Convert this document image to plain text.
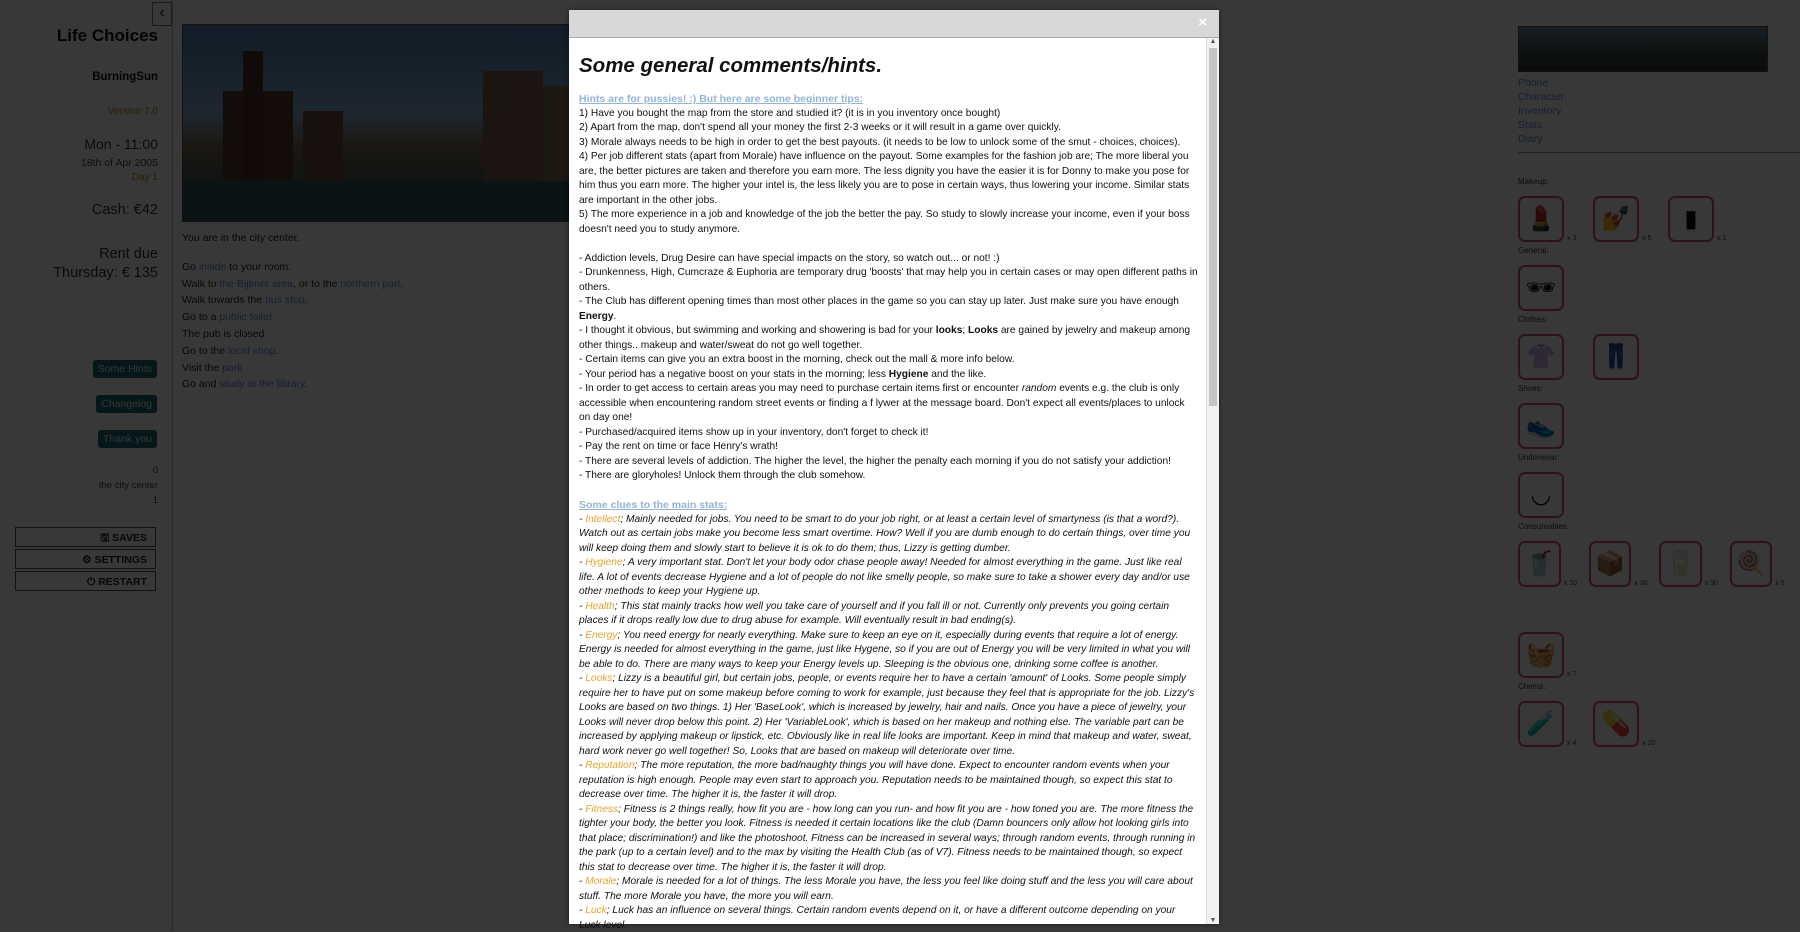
×
Some general comments/hints.

Hints are for pussies! :) But here are some beginner tips:

1) Have you bought the map from the store and studied it? (it is in you inventory once bought)

2) Apart from the map, don't spend all your money the first 2-3 weeks or it will result in a game over quickly.

3) Morale always needs to be high in order to get the best payouts. (it needs to be low to unlock some of the smut - choices, choices).

4) Per job different stats (apart from Morale) have influence on the payout. Some examples for the fashion job are; The more liberal you are, the better pictures are taken and therefore you earn more. The less dignity you have the easier it is for Donny to make you pose for him thus you earn more. The higher your intel is, the less likely you are to pose in certain ways, thus lowering your income. Similar stats are important in the other jobs.

5) The more experience in a job and knowledge of the job the better the pay. So study to slowly increase your income, even if your boss doesn't need you to study anymore.

- Addiction levels, Drug Desire can have special impacts on the story, so watch out... or not! :)

- Drunkenness, High, Cumcraze & Euphoria are temporary drug 'boosts' that may help you in certain cases or may open different paths in others.

- The Club has different opening times than most other places in the game so you can stay up later. Just make sure you have enough Energy.

- I thought it obvious, but swimming and working and showering is bad for your looks; Looks are gained by jewelry and makeup among other things.. makeup and water/sweat do not go well together.

- Certain items can give you an extra boost in the morning, check out the mall & more info below.

- Your period has a negative boost on your stats in the morning; less Hygiene and the like.

- In order to get access to certain areas you may need to purchase certain items first or encounter random events e.g. the club is only accessible when encountering random street events or finding a f lywer at the message board. Don't expect all events/places to unlock on day one!

- Purchased/acquired items show up in your inventory, don't forget to check it!

- Pay the rent on time or face Henry's wrath!

- There are several levels of addiction. The higher the level, the higher the penalty each morning if you do not satisfy your addiction!

- There are gloryholes! Unlock them through the club somehow.

Some clues to the main stats:

- Intellect; Mainly needed for jobs. You need to be smart to do your job right, or at least a certain level of smartyness (is that a word?). Watch out as certain jobs make you become less smart overtime. How? Well if you are dumb enough to do certain things, over time you will keep doing them and slowly start to believe it is ok to do them; thus, Lizzy is getting dumber.

- Hygiene; A very important stat. Don't let your body odor chase people away! Needed for almost everything in the game. Just like real life. A lot of events decrease Hygiene and a lot of people do not like smelly people, so make sure to take a shower every day and/or use other methods to keep your Hygiene up.

- Health; This stat mainly tracks how well you take care of yourself and if you fall ill or not. Currently only prevents you going certain places if it drops really low due to drug abuse for example. Will eventually result in bad ending(s).

- Energy; You need energy for nearly everything. Make sure to keep an eye on it, especially during events that require a lot of energy. Energy is needed for almost everything in the game, just like Hygene, so if you are out of Energy you will be very limited in what you will be able to do. There are many ways to keep your Energy levels up. Sleeping is the obvious one, drinking some coffee is another.

- Looks; Lizzy is a beautiful girl, but certain jobs, people, or events require her to have a certain 'amount' of Looks. Some people simply require her to have put on some makeup before coming to work for example, just because they feel that is appropriate for the job. Lizzy's Looks are based on two things. 1) Her 'BaseLook', which is increased by jewelry, hair and nails. Once you have a piece of jewelry, your Looks will never drop below this point. 2) Her 'VariableLook', which is based on her makeup and nothing else. The variable part can be increased by applying makeup or lipstick, etc. Obviously like in real life looks are important. Keep in mind that makeup and water, sweat, hard work never go well together! So, Looks that are based on makeup will deteriorate over time.

- Reputation; The more reputation, the more bad/naughty things you will have done. Expect to encounter random events when your reputation is high enough. People may even start to approach you. Reputation needs to be maintained though, so expect this stat to decrease over time. The higher it is, the faster it will drop.

- Fitness; Fitness is 2 things really, how fit you are - how long can you run- and how fit you are - how toned you are. The more fitness the tighter your body, the better you look. Fitness is needed it certain locations like the club (Damn bouncers only allow hot looking girls into that place; discrimination!) and like the photoshoot. Fitness can be increased in several ways; through random events, through running in the park (up to a certain level) and to the max by visiting the Health Club (as of V7). Fitness needs to be maintained though, so expect this stat to decrease over time. The higher it is, the faster it will drop.

- Morale; Morale is needed for a lot of things. The less Morale you have, the less you feel like doing stuff and the less you will care about stuff. The more Morale you have, the more you will earn.

- Luck; Luck has an influence on several things. Certain random events depend on it, or have a different outcome depending on your Luck level.

▲
▼
